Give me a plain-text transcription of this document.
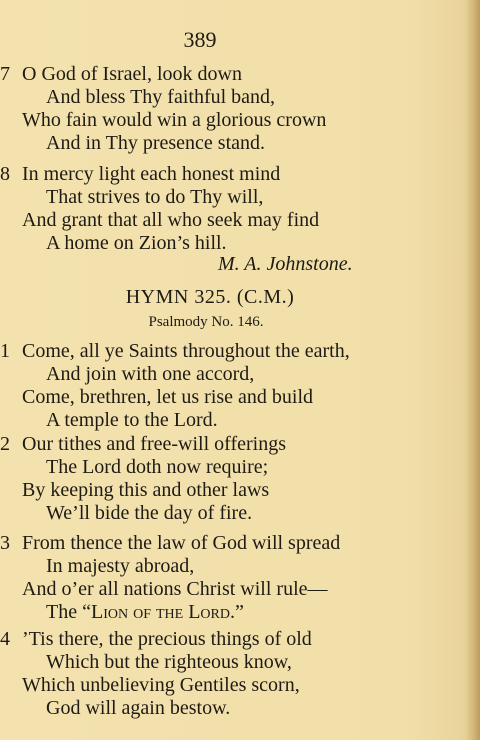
389
7 O God of Israel, look down
And bless Thy faithful band,
Who fain would win a glorious crown
And in Thy presence stand.
8 In mercy light each honest mind
That strives to do Thy will,
And grant that all who seek may find
A home on Zion’s hill.
M. A. Johnstone.
HYMN 325. (C.M.)
Psalmody No. 146.
1 Come, all ye Saints throughout the earth,
And join with one accord,
Come, brethren, let us rise and build
A temple to the Lord.
2 Our tithes and free-will offerings
The Lord doth now require;
By keeping this and other laws
We’ll bide the day of fire.
3 From thence the law of God will spread
In majesty abroad,
And o’er all nations Christ will rule—
The “Lion of the Lord.”
4 ’Tis there, the precious things of old
Which but the righteous know,
Which unbelieving Gentiles scorn,
God will again bestow.
